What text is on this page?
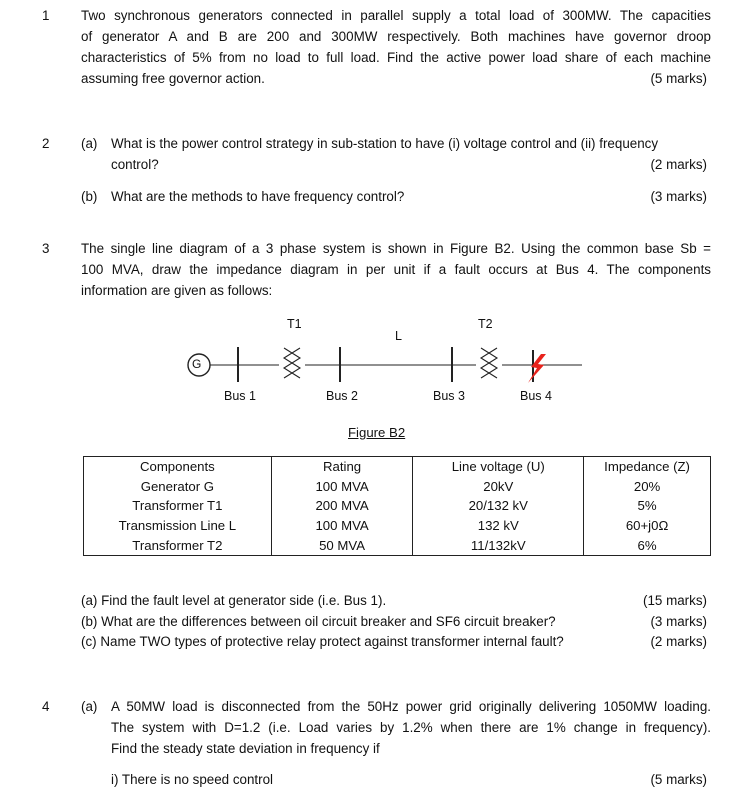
1 Two synchronous generators connected in parallel supply a total load of 300MW. The capacities
of generator A and B are 200 and 300MW respectively. Both machines have governor droop
characteristics of 5% from no load to full load. Find the active power load share of each machine
assuming free governor action.	(5 marks)
2 (a) What is the power control strategy in sub-station to have (i) voltage control and (ii) frequency
control?	(2 marks)
(b) What are the methods to have frequency control?	(3 marks)
3 The single line diagram of a 3 phase system is shown in Figure B2. Using the common base Sb =
100 MVA, draw the impedance diagram in per unit if a fault occurs at Bus 4. The components
information are given as follows:
G
T1	T2
L
Bus 1	Bus 2	Bus 3	Bus 4
Figure B2
Components	Rating	Line voltage (U)	Impedance (Z)
Generator G	100 MVA	20kV	20%
Transformer T1	200 MVA	20/132 kV	5%
Transmission Line L	100 MVA	132 kV	60+j0Ω
Transformer T2	50 MVA	11/132kV	6%
(a) Find the fault level at generator side (i.e. Bus 1).	(15 marks)
(b) What are the differences between oil circuit breaker and SF6 circuit breaker?	(3 marks)
(c) Name TWO types of protective relay protect against transformer internal fault?	(2 marks)
4 (a) A 50MW load is disconnected from the 50Hz power grid originally delivering 1050MW loading.
The system with D=1.2 (i.e. Load varies by 1.2% when there are 1% change in frequency).
Find the steady state deviation in frequency if
i) There is no speed control	(5 marks)
